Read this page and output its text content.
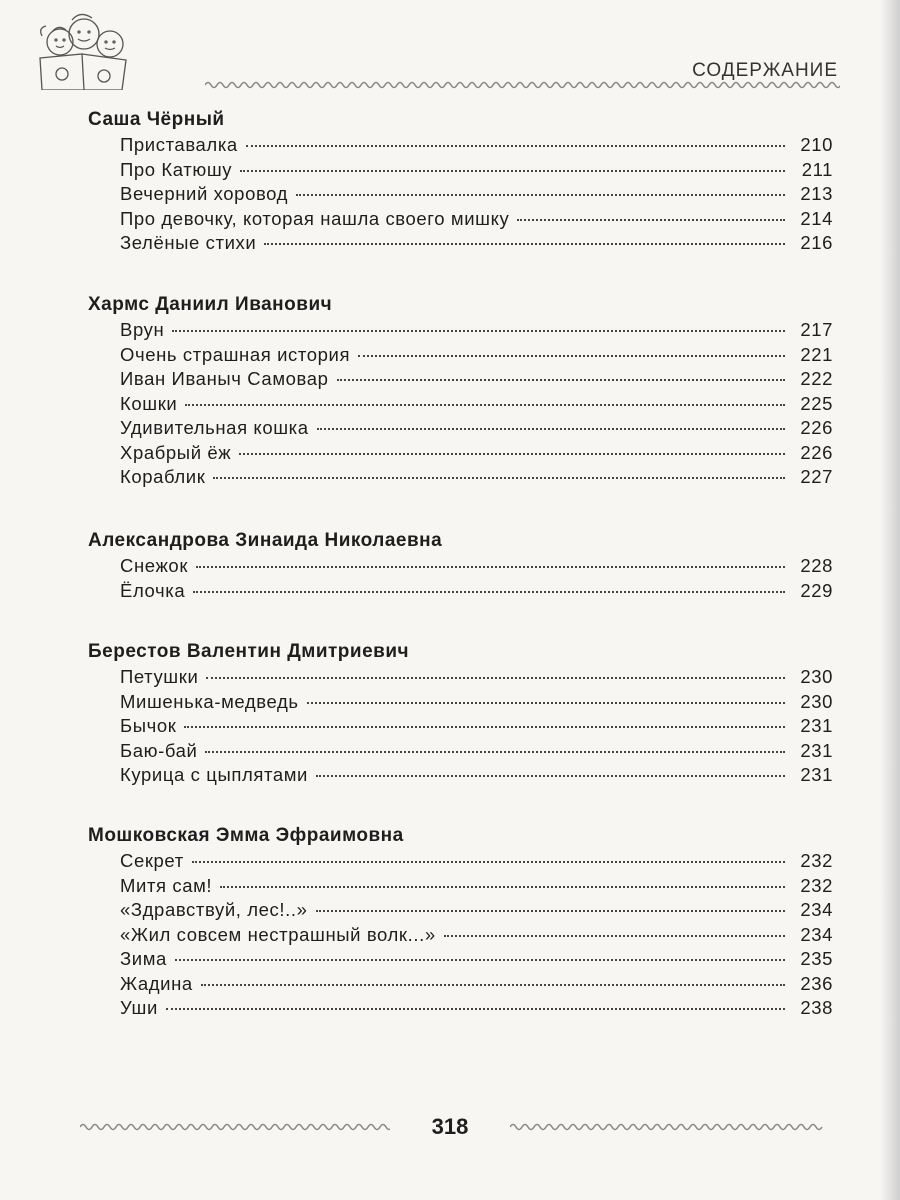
СОДЕРЖАНИЕ
Саша Чёрный
Приставалка	210
Про Катюшу	211
Вечерний хоровод	213
Про девочку, которая нашла своего мишку	214
Зелёные стихи	216
Хармс Даниил Иванович
Врун	217
Очень страшная история	221
Иван Иваныч Самовар	222
Кошки	225
Удивительная кошка	226
Храбрый ёж	226
Кораблик	227
Александрова Зинаида Николаевна
Снежок	228
Ёлочка	229
Берестов Валентин Дмитриевич
Петушки	230
Мишенька-медведь	230
Бычок	231
Баю-бай	231
Курица с цыплятами	231
Мошковская Эмма Эфраимовна
Секрет	232
Митя сам!	232
«Здравствуй, лес!..»	234
«Жил совсем нестрашный волк...»	234
Зима	235
Жадина	236
Уши	238
318
